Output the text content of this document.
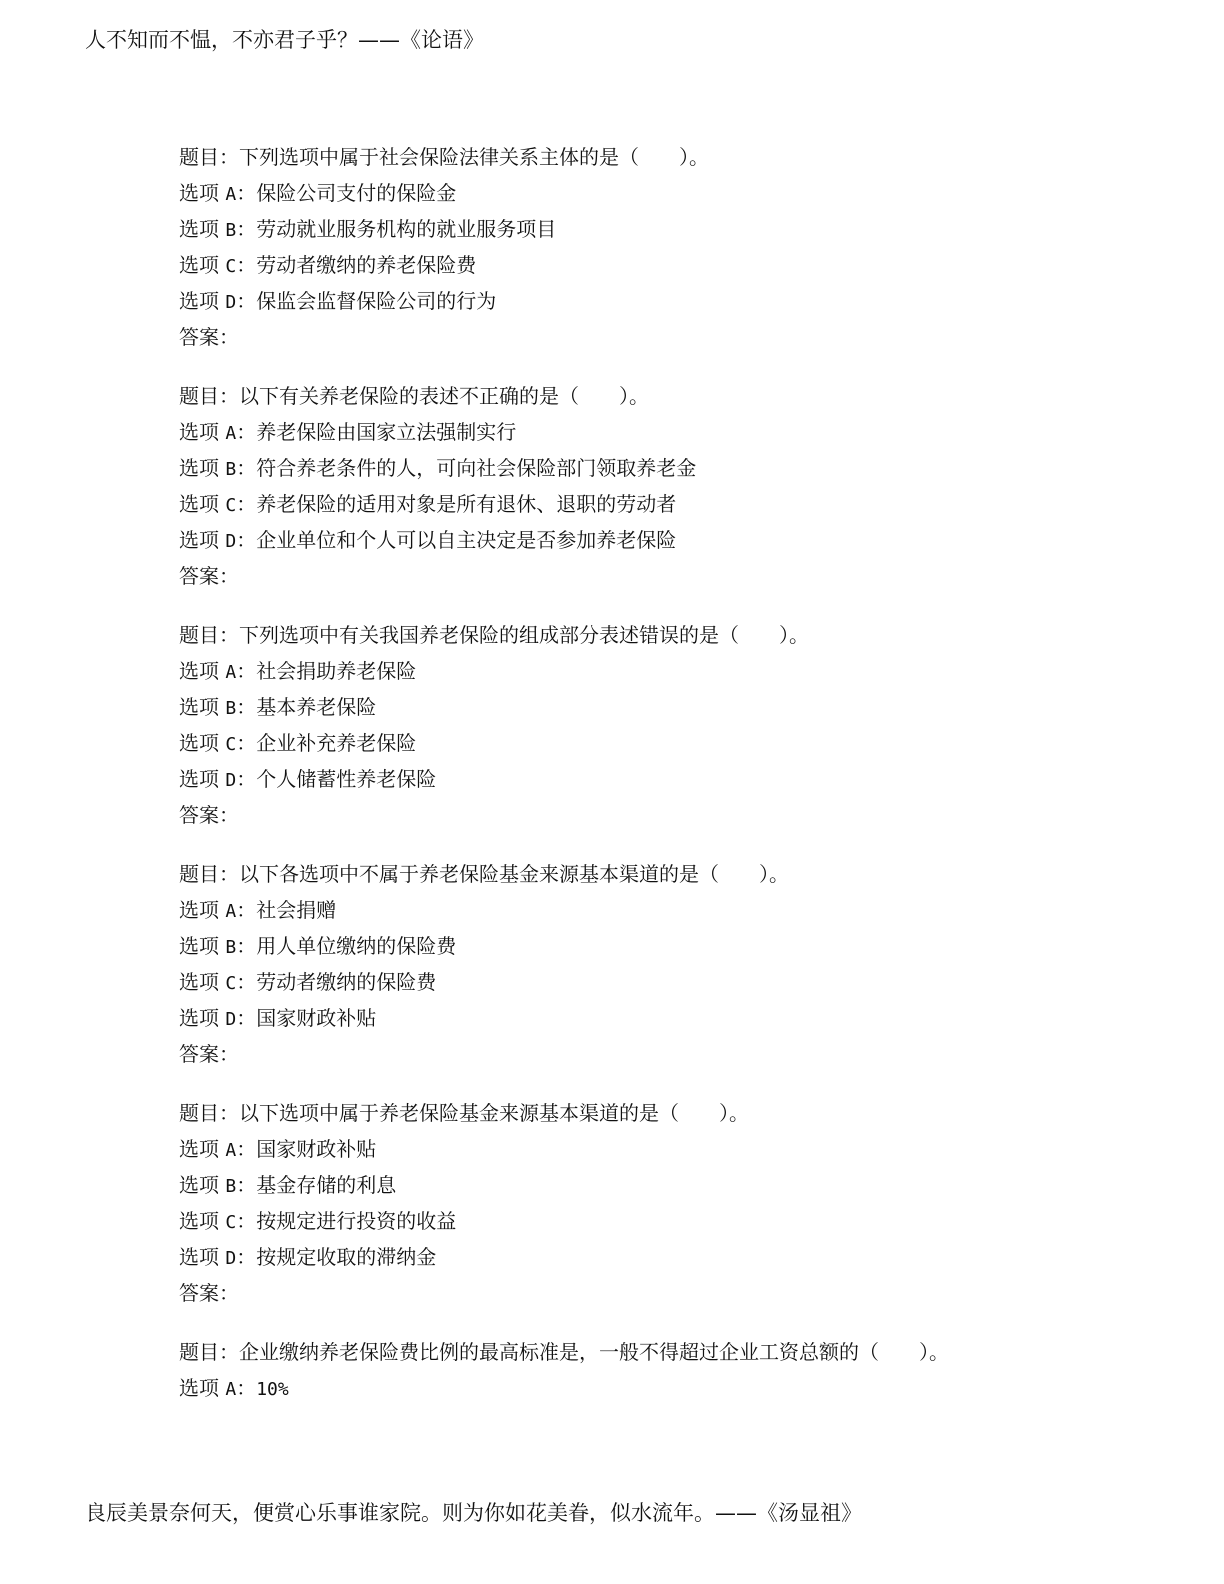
人不知而不愠，不亦君子乎？——《论语》
题目：下列选项中属于社会保险法律关系主体的是（　　）。
选项 A：保险公司支付的保险金
选项 B：劳动就业服务机构的就业服务项目
选项 C：劳动者缴纳的养老保险费
选项 D：保监会监督保险公司的行为
答案：
题目：以下有关养老保险的表述不正确的是（　　）。
选项 A：养老保险由国家立法强制实行
选项 B：符合养老条件的人，可向社会保险部门领取养老金
选项 C：养老保险的适用对象是所有退休、退职的劳动者
选项 D：企业单位和个人可以自主决定是否参加养老保险
答案：
题目：下列选项中有关我国养老保险的组成部分表述错误的是（　　）。
选项 A：社会捐助养老保险
选项 B：基本养老保险
选项 C：企业补充养老保险
选项 D：个人储蓄性养老保险
答案：
题目：以下各选项中不属于养老保险基金来源基本渠道的是（　　）。
选项 A：社会捐赠
选项 B：用人单位缴纳的保险费
选项 C：劳动者缴纳的保险费
选项 D：国家财政补贴
答案：
题目：以下选项中属于养老保险基金来源基本渠道的是（　　）。
选项 A：国家财政补贴
选项 B：基金存储的利息
选项 C：按规定进行投资的收益
选项 D：按规定收取的滞纳金
答案：
题目：企业缴纳养老保险费比例的最高标准是，一般不得超过企业工资总额的（　　）。
选项 A：10%
良辰美景奈何天，便赏心乐事谁家院。则为你如花美眷，似水流年。——《汤显祖》
